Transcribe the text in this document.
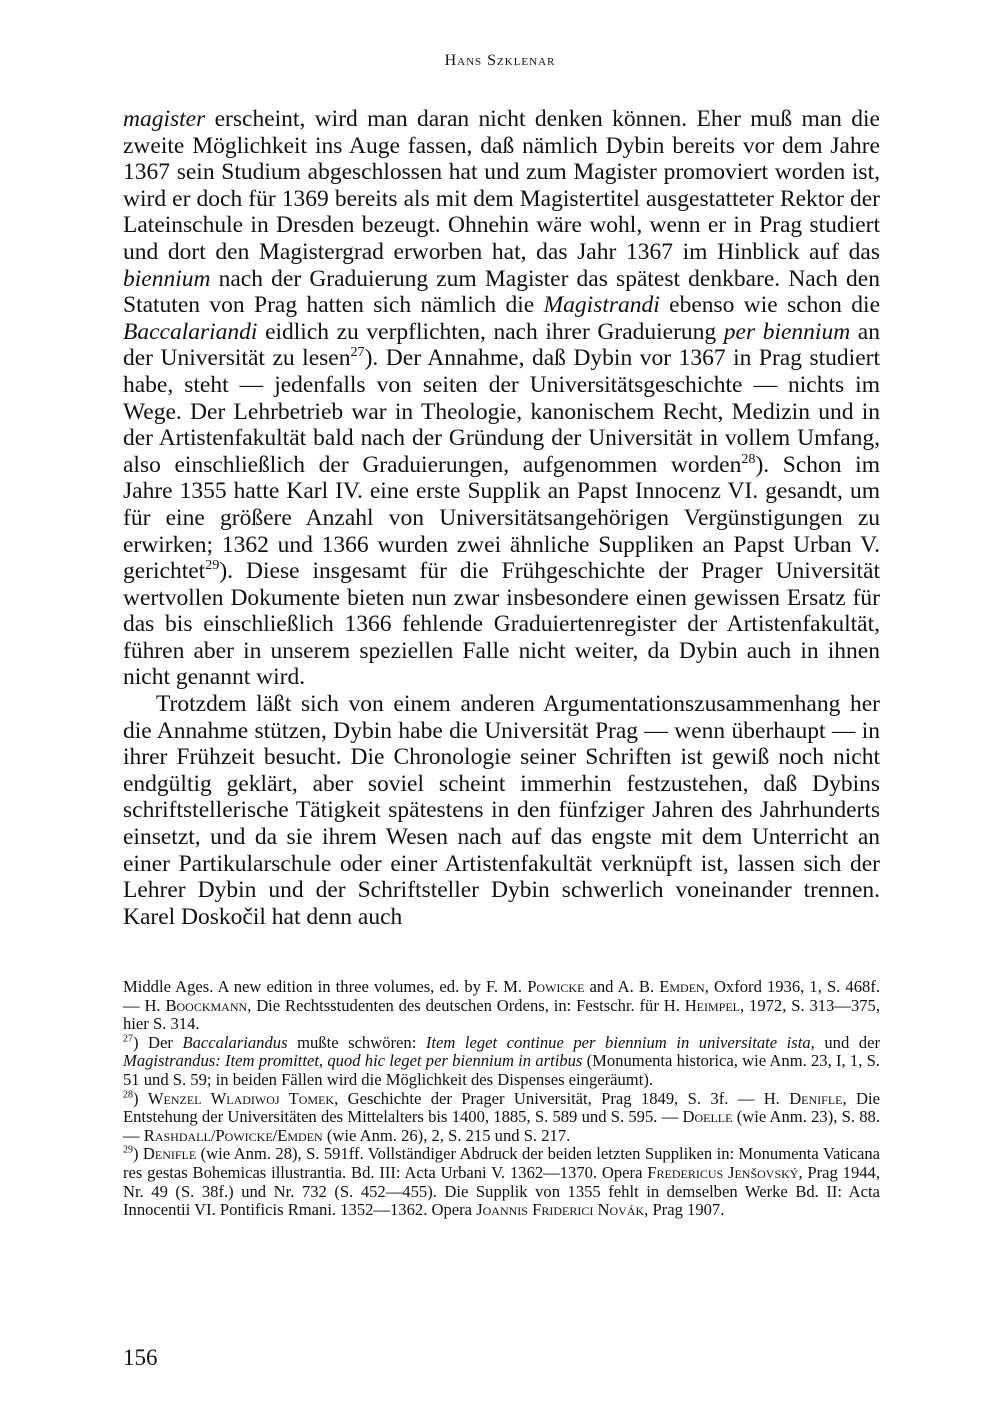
Hans Szklenar

magister erscheint, wird man daran nicht denken können. Eher muß man die zweite Möglichkeit ins Auge fassen, daß nämlich Dybin bereits vor dem Jahre 1367 sein Studium abgeschlossen hat und zum Magister promoviert worden ist, wird er doch für 1369 bereits als mit dem Magistertitel ausgestatteter Rektor der Lateinschule in Dresden bezeugt. Ohnehin wäre wohl, wenn er in Prag studiert und dort den Magistergrad erworben hat, das Jahr 1367 im Hinblick auf das biennium nach der Graduierung zum Magister das spätest denkbare. Nach den Statuten von Prag hatten sich nämlich die Magistrandi ebenso wie schon die Baccalariandi eidlich zu verpflichten, nach ihrer Graduierung per biennium an der Universität zu lesen$^{27}$). Der Annahme, daß Dybin vor 1367 in Prag studiert habe, steht — jedenfalls von seiten der Universitätsgeschichte — nichts im Wege. Der Lehrbetrieb war in Theologie, kanonischem Recht, Medizin und in der Artistenfakultät bald nach der Gründung der Universität in vollem Umfang, also einschließlich der Graduierungen, aufgenommen worden$^{28}$). Schon im Jahre 1355 hatte Karl IV. eine erste Supplik an Papst Innocenz VI. gesandt, um für eine größere Anzahl von Universitätsangehörigen Vergünstigungen zu erwirken; 1362 und 1366 wurden zwei ähnliche Suppliken an Papst Urban V. gerichtet$^{29}$). Diese insgesamt für die Frühgeschichte der Prager Universität wertvollen Dokumente bieten nun zwar insbesondere einen gewissen Ersatz für das bis einschließlich 1366 fehlende Graduiertenregister der Artistenfakultät, führen aber in unserem speziellen Falle nicht weiter, da Dybin auch in ihnen nicht genannt wird.

Trotzdem läßt sich von einem anderen Argumentationszusammenhang her die Annahme stützen, Dybin habe die Universität Prag — wenn überhaupt — in ihrer Frühzeit besucht. Die Chronologie seiner Schriften ist gewiß noch nicht endgültig geklärt, aber soviel scheint immerhin festzustehen, daß Dybins schriftstellerische Tätigkeit spätestens in den fünfziger Jahren des Jahrhunderts einsetzt, und da sie ihrem Wesen nach auf das engste mit dem Unterricht an einer Partikularschule oder einer Artistenfakultät verknüpft ist, lassen sich der Lehrer Dybin und der Schriftsteller Dybin schwerlich voneinander trennen. Karel Doskočil hat denn auch

Middle Ages. A new edition in three volumes, ed. by F. M. Powicke and A. B. Emden, Oxford 1936, 1, S. 468f. — H. Boockmann, Die Rechtsstudenten des deutschen Ordens, in: Festschr. für H. Heimpel, 1972, S. 313—375, hier S. 314.

$^{27}$) Der Baccalariandus mußte schwören: Item leget continue per biennium in universitate ista, und der Magistrandus: Item promittet, quod hic leget per biennium in artibus (Monumenta historica, wie Anm. 23, I, 1, S. 51 und S. 59; in beiden Fällen wird die Möglichkeit des Dispenses eingeräumt).

$^{28}$) Wenzel Wladiwoj Tomek, Geschichte der Prager Universität, Prag 1849, S. 3f. — H. Denifle, Die Entstehung der Universitäten des Mittelalters bis 1400, 1885, S. 589 und S. 595. — Doelle (wie Anm. 23), S. 88. — Rashdall/Powicke/Emden (wie Anm. 26), 2, S. 215 und S. 217.

$^{29}$) Denifle (wie Anm. 28), S. 591ff. Vollständiger Abdruck der beiden letzten Suppliken in: Monumenta Vaticana res gestas Bohemicas illustrantia. Bd. III: Acta Urbani V. 1362—1370. Opera Fredericus Jenšovský, Prag 1944, Nr. 49 (S. 38f.) und Nr. 732 (S. 452—455). Die Supplik von 1355 fehlt in demselben Werke Bd. II: Acta Innocentii VI. Pontificis Rmani. 1352—1362. Opera Joannis Friderici Novák, Prag 1907.

156
